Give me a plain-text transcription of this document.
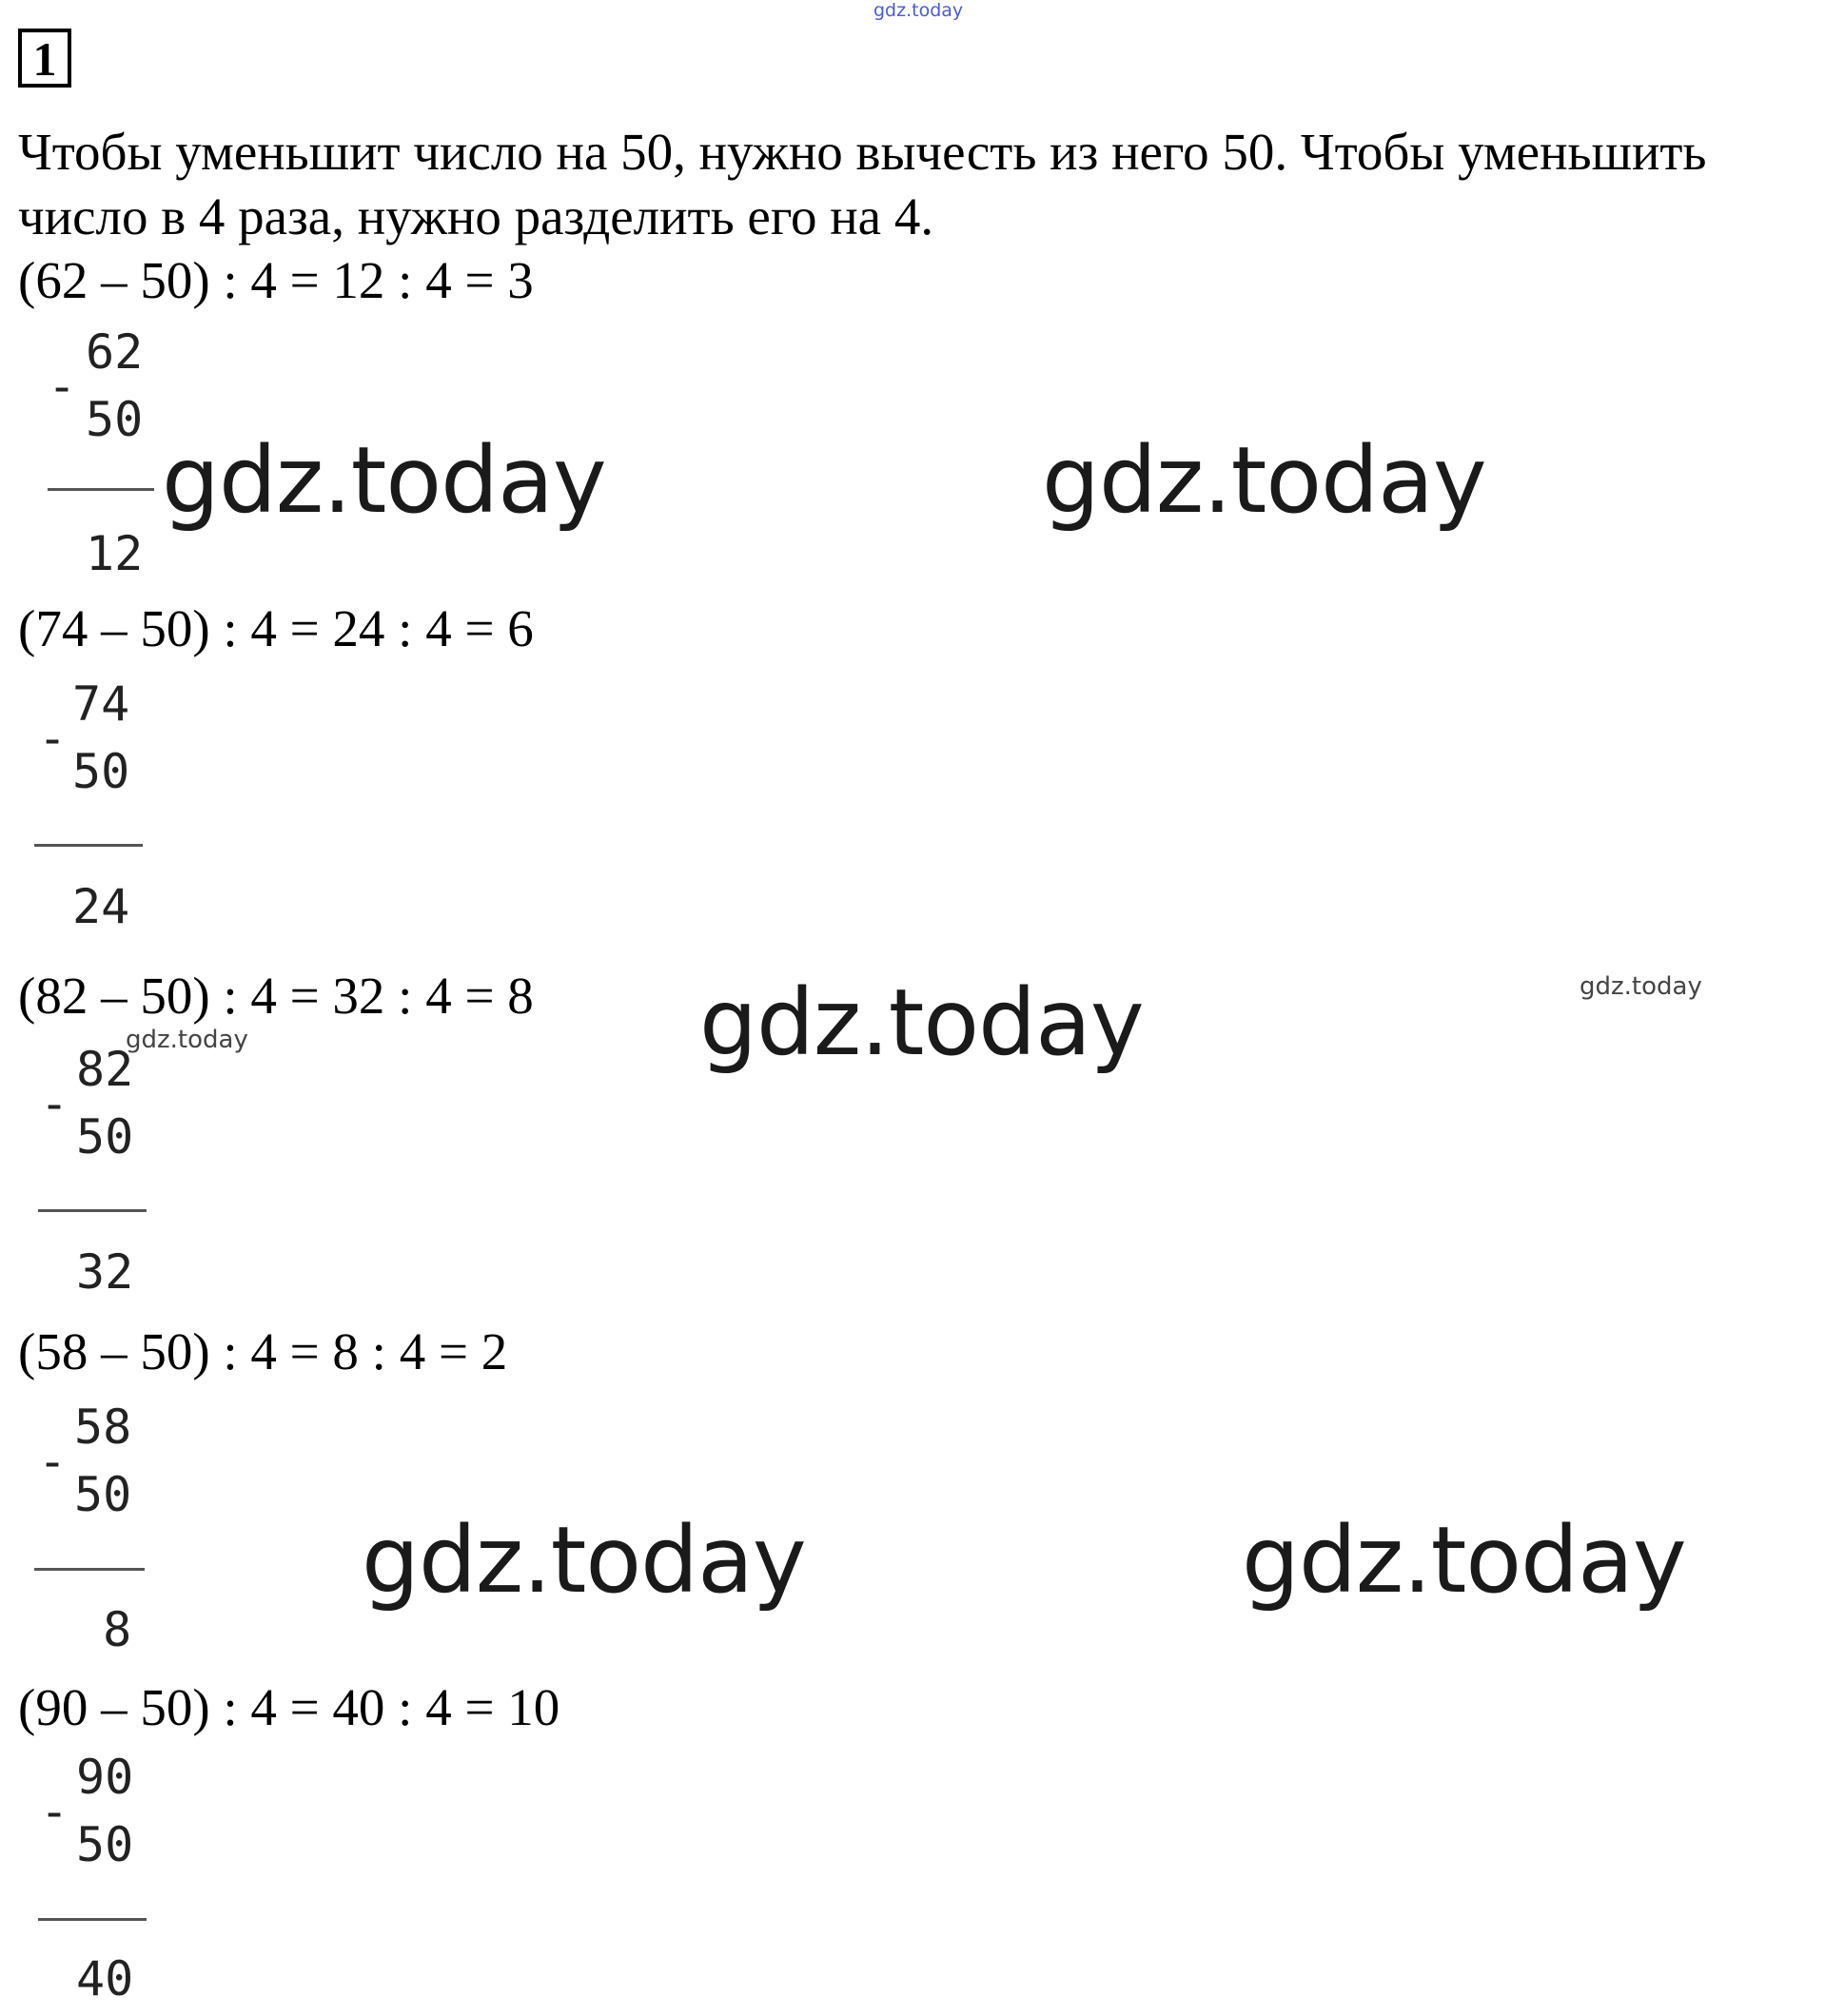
gdz.today
1
Чтобы уменьшит число на 50, нужно вычесть из него 50. Чтобы уменьшить
число в 4 раза, нужно разделить его на 4.
(62 – 50) : 4 = 12 : 4 = 3
62
-
50
12
(74 – 50) : 4 = 24 : 4 = 6
74
-
50
24
(82 – 50) : 4 = 32 : 4 = 8
82
-
50
32
(58 – 50) : 4 = 8 : 4 = 2
58
-
50
8
(90 – 50) : 4 = 40 : 4 = 10
90
-
50
40
gdz.today	gdz.today
gdz.today
gdz.today	gdz.today
gdz.today
gdz.today
